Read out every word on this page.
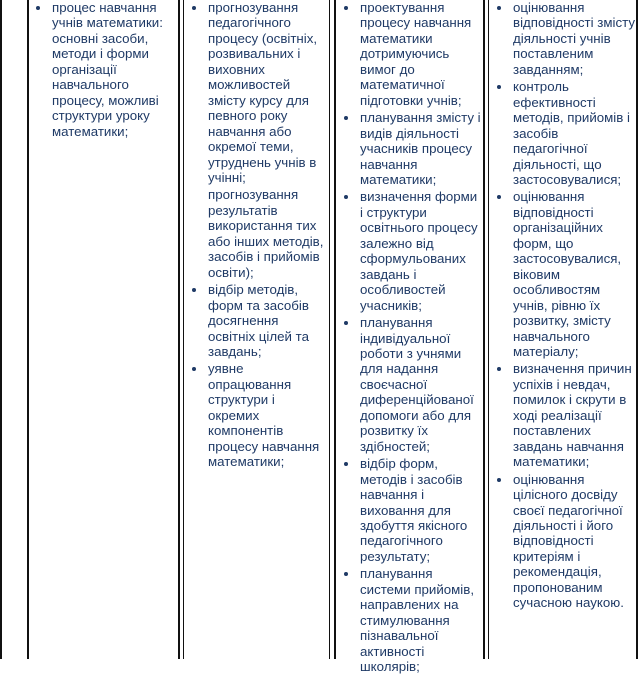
процес навчання учнів математики: основні засоби, методи і форми організації навчального процесу, можливі структури уроку математики;
прогнозування педагогічного процесу (освітніх, розвивальних і виховних можливостей змісту курсу для певного року навчання або окремої теми, утруднень учнів в учінні;
прогнозування результатів використання тих або інших методів, засобів і прийомів освіти);
відбір методів, форм та засобів досягнення освітніх цілей та завдань;
уявне опрацювання структури і окремих компонентів процесу навчання математики;
проектування процесу навчання математики дотримуючись вимог до математичної підготовки учнів;
планування змісту і видів діяльності учасників процесу навчання математики;
визначення форми і структури освітнього процесу залежно від сформульованих завдань і особливостей учасників;
планування індивідуальної роботи з учнями для надання своєчасної диференційованої допомоги або для розвитку їх здібностей;
відбір форм, методів і засобів навчання і виховання для здобуття якісного педагогічного результату;
планування системи прийомів, направлених на стимулювання пізнавальної активності школярів;
оцінювання відповідності змісту діяльності учнів поставленим завданням;
контроль ефективності методів, прийомів і засобів педагогічної діяльності, що застосовувалися;
оцінювання відповідності організаційних форм, що застосовувалися, віковим особливостям учнів, рівню їх розвитку, змісту навчального матеріалу;
визначення причин успіхів і невдач, помилок і скрути в ході реалізації поставлених завдань навчання математики;
оцінювання цілісного досвіду своєї педагогічної діяльності і його відповідності критеріям і рекомендація, пропонованим сучасною наукою.
